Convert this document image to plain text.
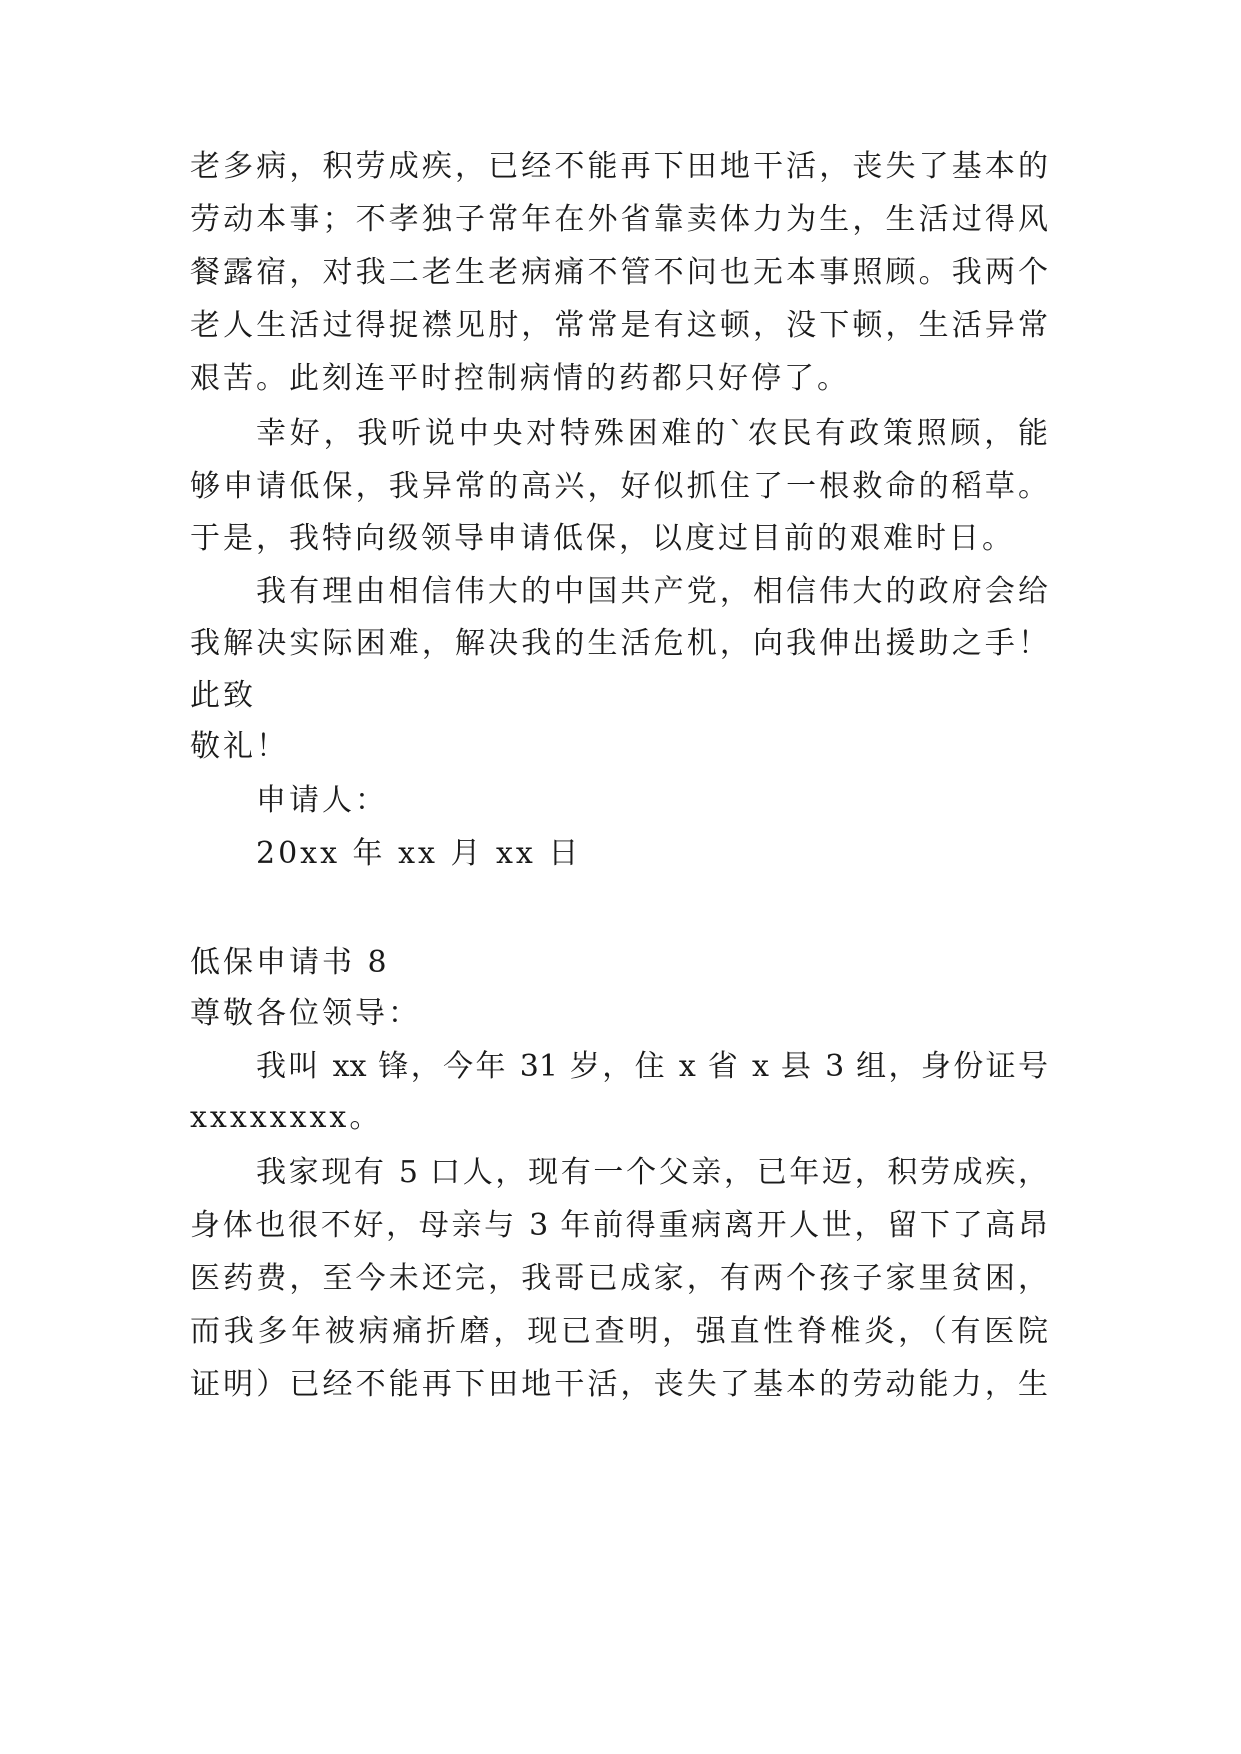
老多病，积劳成疾，已经不能再下田地干活，丧失了基本的
劳动本事；不孝独子常年在外省靠卖体力为生，生活过得风
餐露宿，对我二老生老病痛不管不问也无本事照顾。我两个
老人生活过得捉襟见肘，常常是有这顿，没下顿，生活异常
艰苦。此刻连平时控制病情的药都只好停了。
幸好，我听说中央对特殊困难的`农民有政策照顾，能
够申请低保，我异常的高兴，好似抓住了一根救命的稻草。
于是，我特向级领导申请低保，以度过目前的艰难时日。
我有理由相信伟大的中国共产党，相信伟大的政府会给
我解决实际困难，解决我的生活危机，向我伸出援助之手！
此致
敬礼！
申请人：
20xx 年 xx 月 xx 日
低保申请书 8
尊敬各位领导：
我叫 xx 锋，今年 31 岁，住 x 省 x 县 3 组，身份证号
xxxxxxxx。
我家现有 5 口人，现有一个父亲，已年迈，积劳成疾，
身体也很不好，母亲与 3 年前得重病离开人世，留下了高昂
医药费，至今未还完，我哥已成家，有两个孩子家里贫困，
而我多年被病痛折磨，现已查明，强直性脊椎炎，（有医院
证明）已经不能再下田地干活，丧失了基本的劳动能力，生
